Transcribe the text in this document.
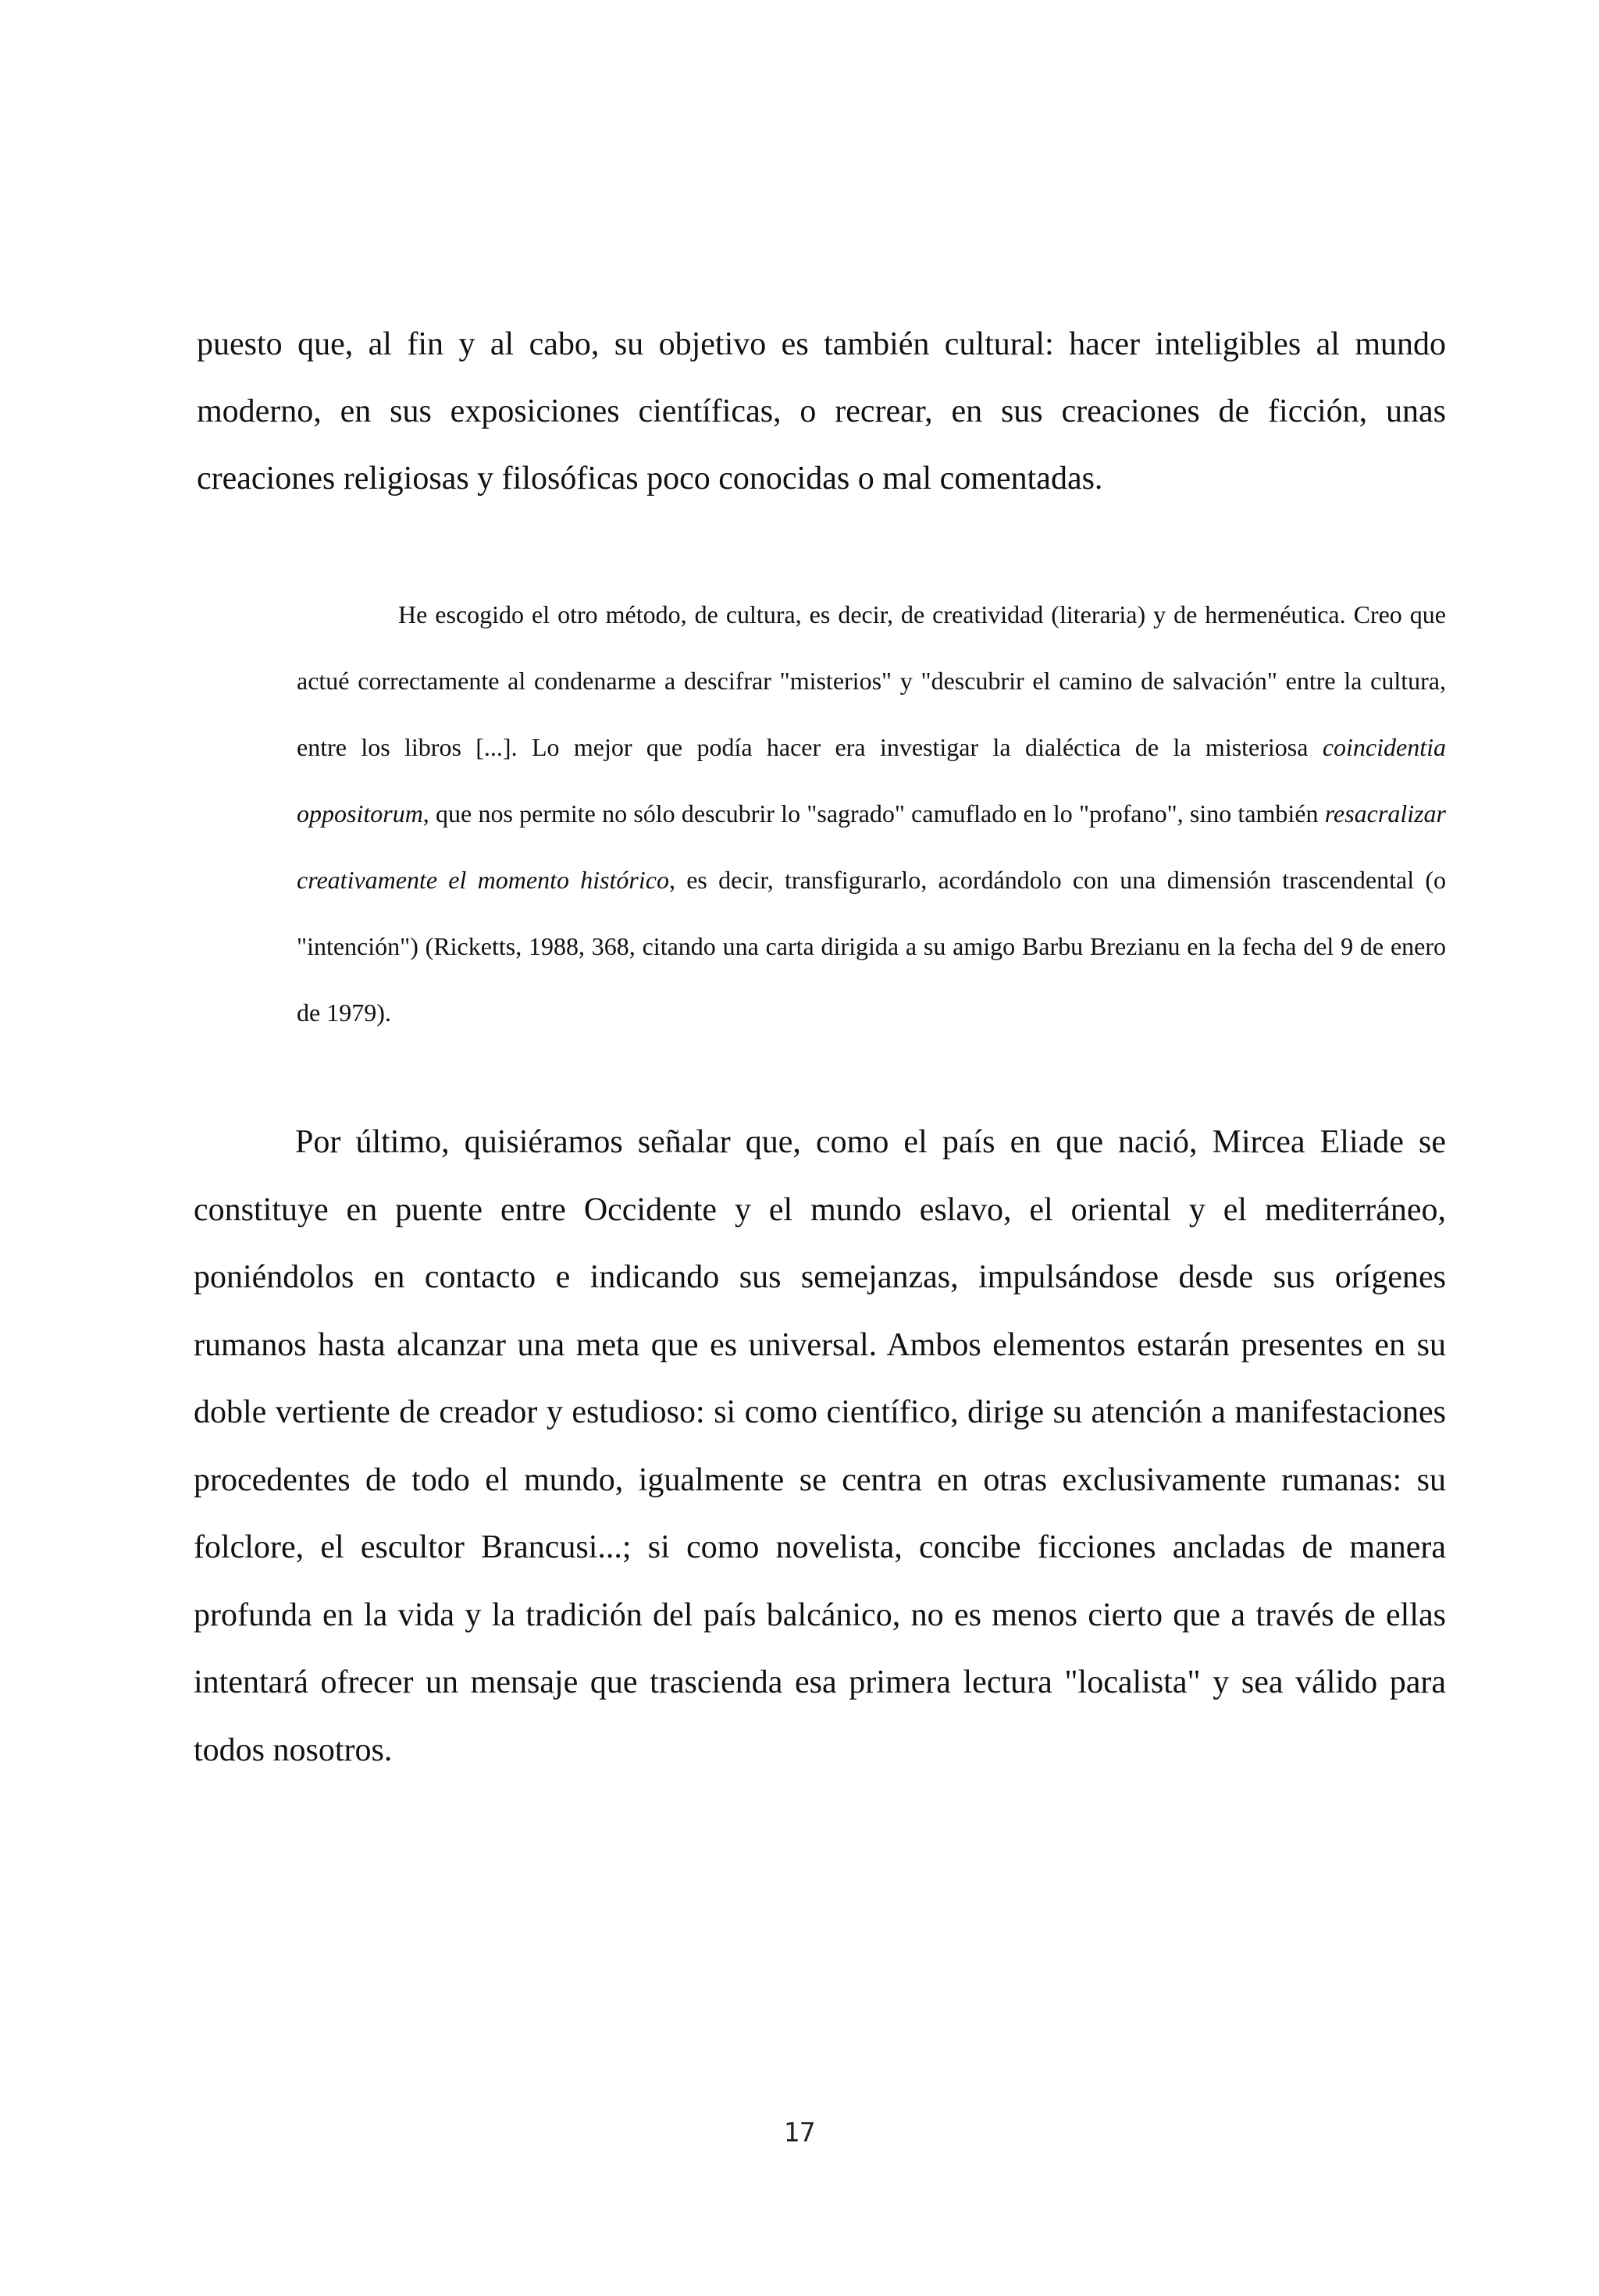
puesto que, al fin y al cabo, su objetivo es también cultural: hacer inteligibles al mundo moderno, en sus exposiciones científicas, o recrear, en sus creaciones de ficción, unas creaciones religiosas y filosóficas poco conocidas o mal comentadas.

He escogido el otro método, de cultura, es decir, de creatividad (literaria) y de hermenéutica. Creo que actué correctamente al condenarme a descifrar "misterios" y "descubrir el camino de salvación" entre la cultura, entre los libros [...]. Lo mejor que podía hacer era investigar la dialéctica de la misteriosa coincidentia oppositorum, que nos permite no sólo descubrir lo "sagrado" camuflado en lo "profano", sino también resacralizar creativamente el momento histórico, es decir, transfigurarlo, acordándolo con una dimensión trascendental (o "intención") (Ricketts, 1988, 368, citando una carta dirigida a su amigo Barbu Brezianu en la fecha del 9 de enero de 1979).

Por último, quisiéramos señalar que, como el país en que nació, Mircea Eliade se constituye en puente entre Occidente y el mundo eslavo, el oriental y el mediterráneo, poniéndolos en contacto e indicando sus semejanzas, impulsándose desde sus orígenes rumanos hasta alcanzar una meta que es universal. Ambos elementos estarán presentes en su doble vertiente de creador y estudioso: si como científico, dirige su atención a manifestaciones procedentes de todo el mundo, igualmente se centra en otras exclusivamente rumanas: su folclore, el escultor Brancusi...; si como novelista, concibe ficciones ancladas de manera profunda en la vida y la tradición del país balcánico, no es menos cierto que a través de ellas intentará ofrecer un mensaje que trascienda esa primera lectura "localista" y sea válido para todos nosotros.

17
